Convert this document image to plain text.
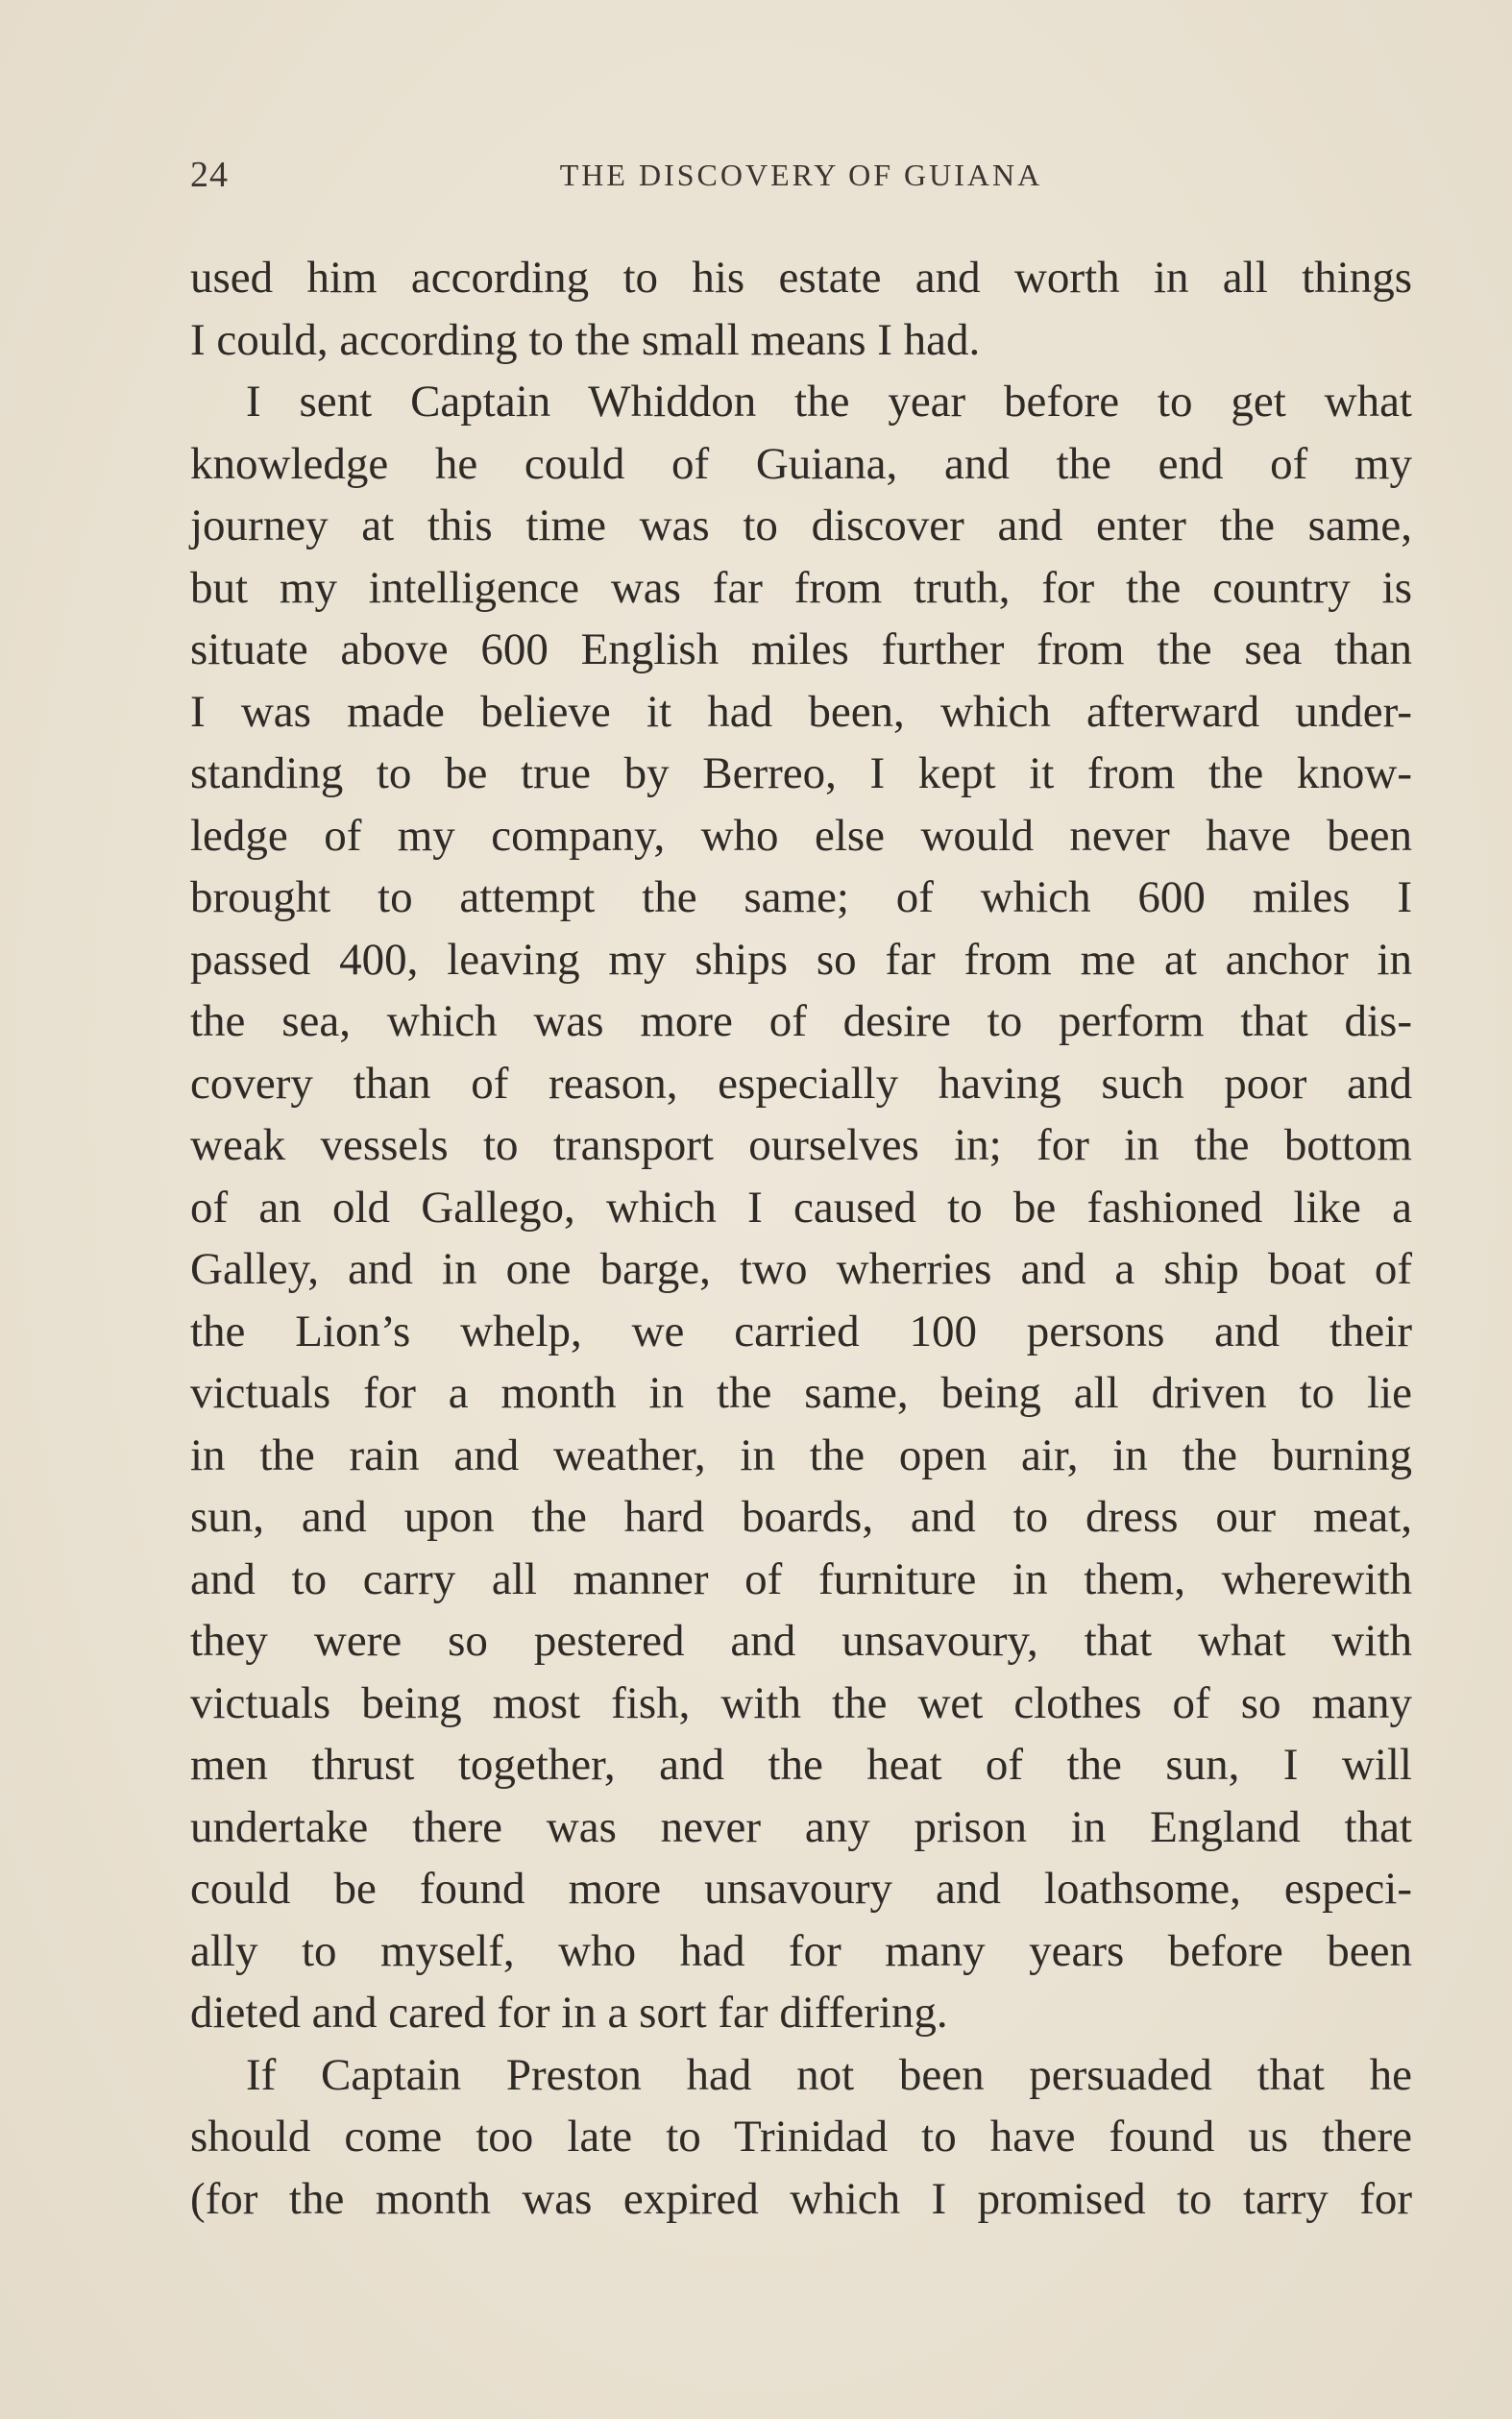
24	THE DISCOVERY OF GUIANA

used him according to his estate and worth in all things

I could, according to the small means I had.

I sent Captain Whiddon the year before to get what

knowledge he could of Guiana, and the end of my

journey at this time was to discover and enter the same,

but my intelligence was far from truth, for the country is

situate above 600 English miles further from the sea than

I was made believe it had been, which afterward under-

standing to be true by Berreo, I kept it from the know-

ledge of my company, who else would never have been

brought to attempt the same; of which 600 miles I

passed 400, leaving my ships so far from me at anchor in

the sea, which was more of desire to perform that dis-

covery than of reason, especially having such poor and

weak vessels to transport ourselves in; for in the bottom

of an old Gallego, which I caused to be fashioned like a

Galley, and in one barge, two wherries and a ship boat of

the Lion’s whelp, we carried 100 persons and their

victuals for a month in the same, being all driven to lie

in the rain and weather, in the open air, in the burning

sun, and upon the hard boards, and to dress our meat,

and to carry all manner of furniture in them, wherewith

they were so pestered and unsavoury, that what with

victuals being most fish, with the wet clothes of so many

men thrust together, and the heat of the sun, I will

undertake there was never any prison in England that

could be found more unsavoury and loathsome, especi-

ally to myself, who had for many years before been

dieted and cared for in a sort far differing.

If Captain Preston had not been persuaded that he

should come too late to Trinidad to have found us there

(for the month was expired which I promised to tarry for
